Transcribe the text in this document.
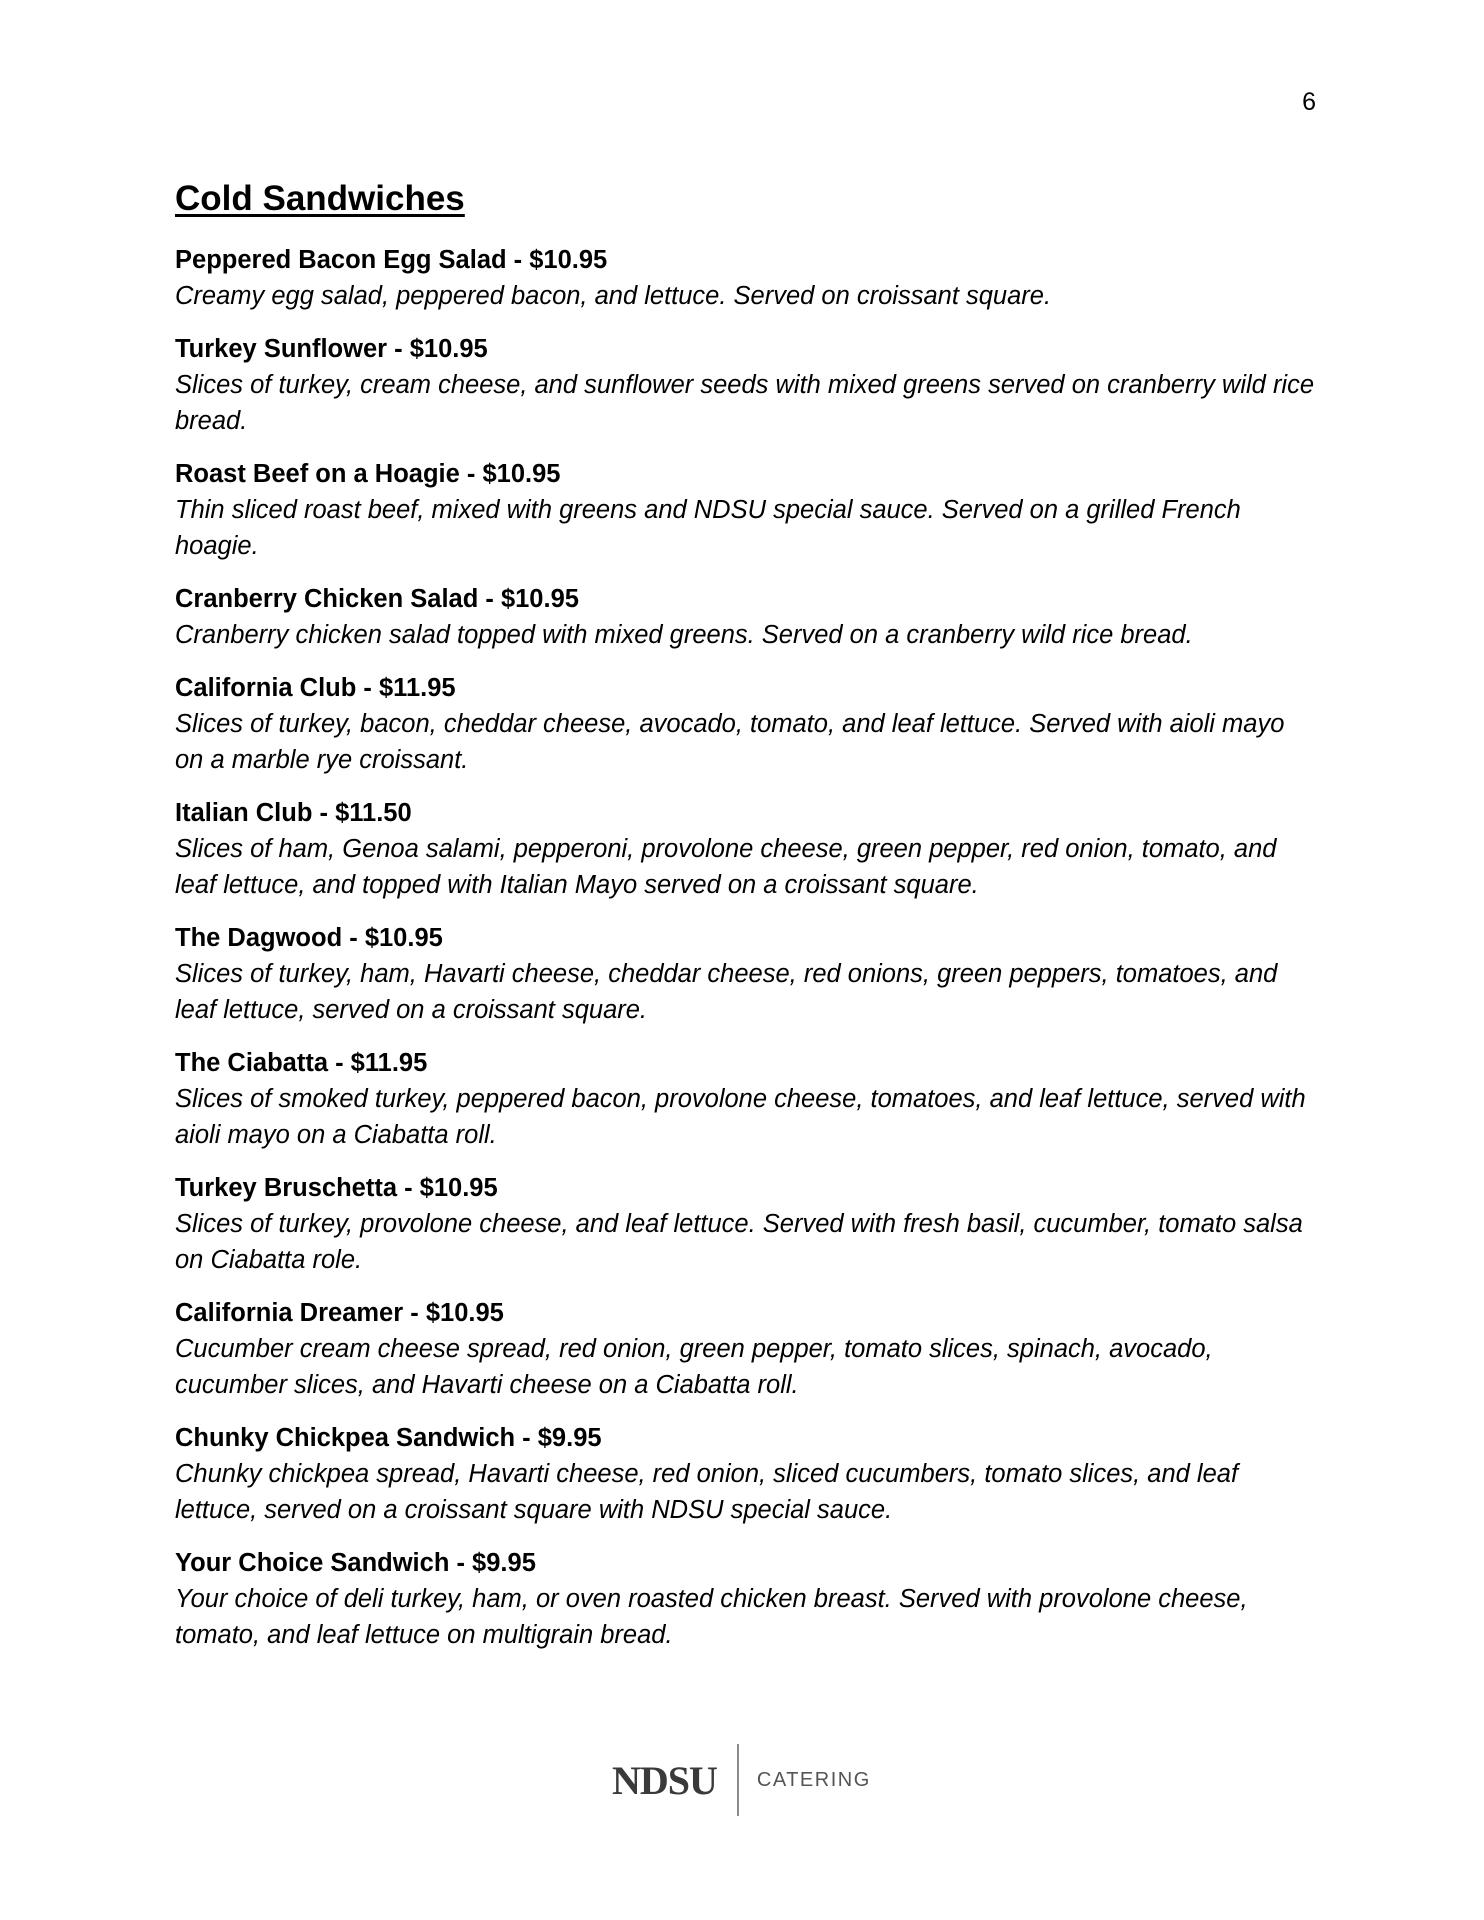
6
Cold Sandwiches
Peppered Bacon Egg Salad - $10.95
Creamy egg salad, peppered bacon, and lettuce. Served on croissant square.
Turkey Sunflower - $10.95
Slices of turkey, cream cheese, and sunflower seeds with mixed greens served on cranberry wild rice bread.
Roast Beef on a Hoagie - $10.95
Thin sliced roast beef, mixed with greens and NDSU special sauce. Served on a grilled French hoagie.
Cranberry Chicken Salad - $10.95
Cranberry chicken salad topped with mixed greens. Served on a cranberry wild rice bread.
California Club - $11.95
Slices of turkey, bacon, cheddar cheese, avocado, tomato, and leaf lettuce. Served with aioli mayo on a marble rye croissant.
Italian Club - $11.50
Slices of ham, Genoa salami, pepperoni, provolone cheese, green pepper, red onion, tomato, and leaf lettuce, and topped with Italian Mayo served on a croissant square.
The Dagwood - $10.95
Slices of turkey, ham, Havarti cheese, cheddar cheese, red onions, green peppers, tomatoes, and leaf lettuce, served on a croissant square.
The Ciabatta - $11.95
Slices of smoked turkey, peppered bacon, provolone cheese, tomatoes, and leaf lettuce, served with aioli mayo on a Ciabatta roll.
Turkey Bruschetta - $10.95
Slices of turkey, provolone cheese, and leaf lettuce. Served with fresh basil, cucumber, tomato salsa on Ciabatta role.
California Dreamer - $10.95
Cucumber cream cheese spread, red onion, green pepper, tomato slices, spinach, avocado, cucumber slices, and Havarti cheese on a Ciabatta roll.
Chunky Chickpea Sandwich - $9.95
Chunky chickpea spread, Havarti cheese, red onion, sliced cucumbers, tomato slices, and leaf lettuce, served on a croissant square with NDSU special sauce.
Your Choice Sandwich - $9.95
Your choice of deli turkey, ham, or oven roasted chicken breast. Served with provolone cheese, tomato, and leaf lettuce on multigrain bread.
NDSU CATERING
